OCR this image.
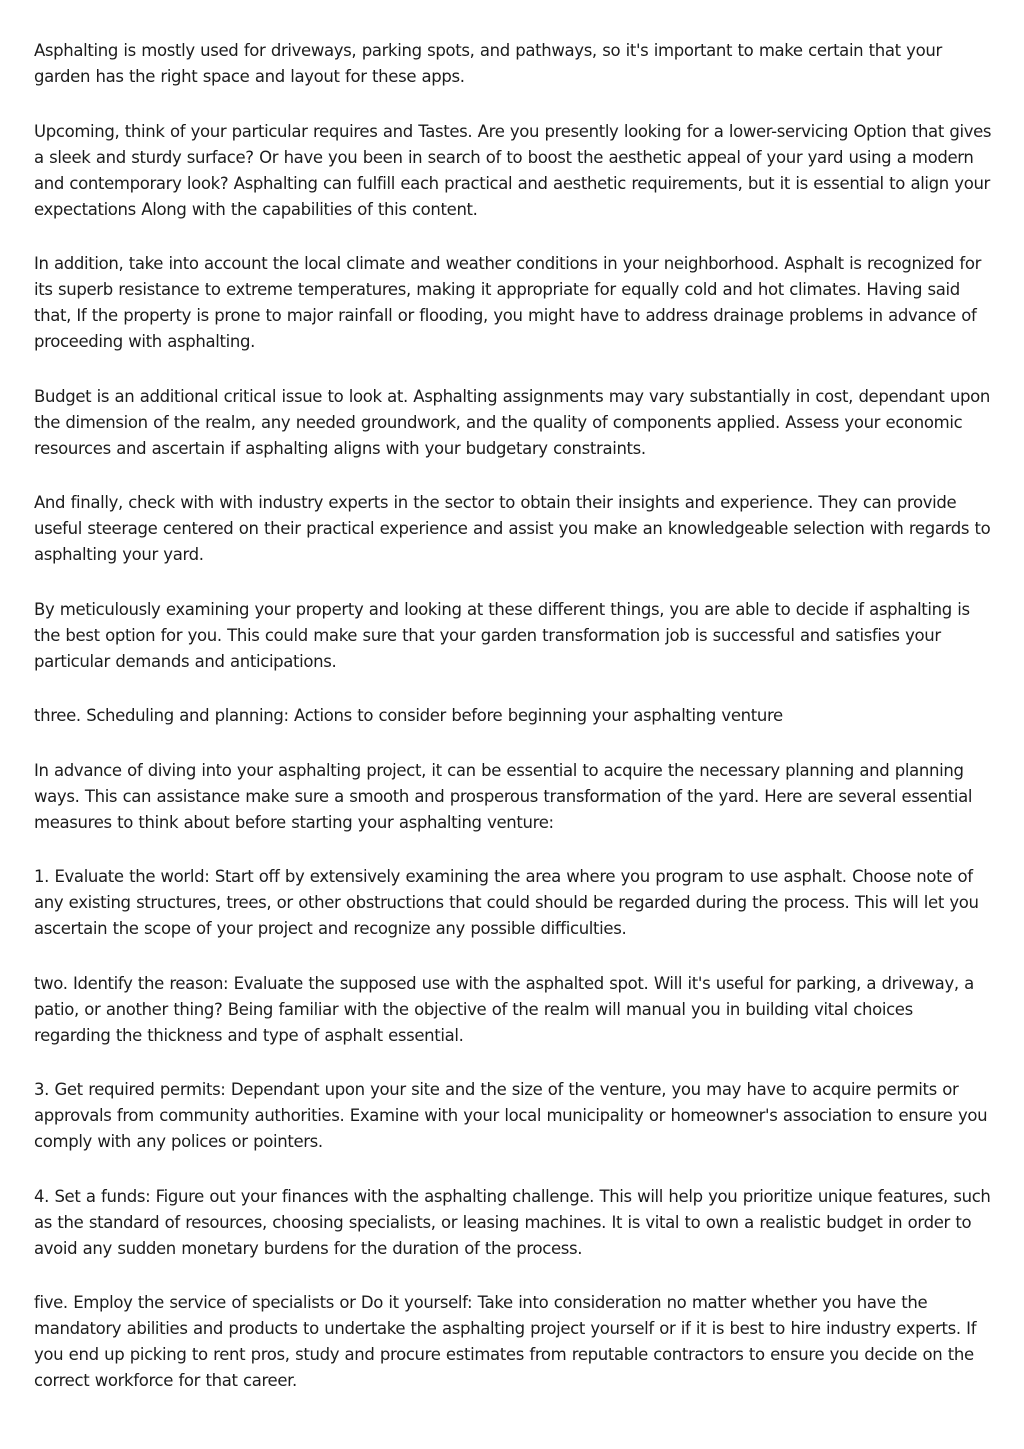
Asphalting is mostly used for driveways, parking spots, and pathways, so it's important to make certain that your garden has the right space and layout for these apps.

Upcoming, think of your particular requires and Tastes. Are you presently looking for a lower-servicing Option that gives a sleek and sturdy surface? Or have you been in search of to boost the aesthetic appeal of your yard using a modern and contemporary look? Asphalting can fulfill each practical and aesthetic requirements, but it is essential to align your expectations Along with the capabilities of this content.

In addition, take into account the local climate and weather conditions in your neighborhood. Asphalt is recognized for its superb resistance to extreme temperatures, making it appropriate for equally cold and hot climates. Having said that, If the property is prone to major rainfall or flooding, you might have to address drainage problems in advance of proceeding with asphalting.

Budget is an additional critical issue to look at. Asphalting assignments may vary substantially in cost, dependant upon the dimension of the realm, any needed groundwork, and the quality of components applied. Assess your economic resources and ascertain if asphalting aligns with your budgetary constraints.

And finally, check with with industry experts in the sector to obtain their insights and experience. They can provide useful steerage centered on their practical experience and assist you make an knowledgeable selection with regards to asphalting your yard.

By meticulously examining your property and looking at these different things, you are able to decide if asphalting is the best option for you. This could make sure that your garden transformation job is successful and satisfies your particular demands and anticipations.

three. Scheduling and planning: Actions to consider before beginning your asphalting venture

In advance of diving into your asphalting project, it can be essential to acquire the necessary planning and planning ways. This can assistance make sure a smooth and prosperous transformation of the yard. Here are several essential measures to think about before starting your asphalting venture:

1. Evaluate the world: Start off by extensively examining the area where you program to use asphalt. Choose note of any existing structures, trees, or other obstructions that could should be regarded during the process. This will let you ascertain the scope of your project and recognize any possible difficulties.

two. Identify the reason: Evaluate the supposed use with the asphalted spot. Will it's useful for parking, a driveway, a patio, or another thing? Being familiar with the objective of the realm will manual you in building vital choices regarding the thickness and type of asphalt essential.

3. Get required permits: Dependant upon your site and the size of the venture, you may have to acquire permits or approvals from community authorities. Examine with your local municipality or homeowner's association to ensure you comply with any polices or pointers.

4. Set a funds: Figure out your finances with the asphalting challenge. This will help you prioritize unique features, such as the standard of resources, choosing specialists, or leasing machines. It is vital to own a realistic budget in order to avoid any sudden monetary burdens for the duration of the process.

five. Employ the service of specialists or Do it yourself: Take into consideration no matter whether you have the mandatory abilities and products to undertake the asphalting project yourself or if it is best to hire industry experts. If you end up picking to rent pros, study and procure estimates from reputable contractors to ensure you decide on the correct workforce for that career.
